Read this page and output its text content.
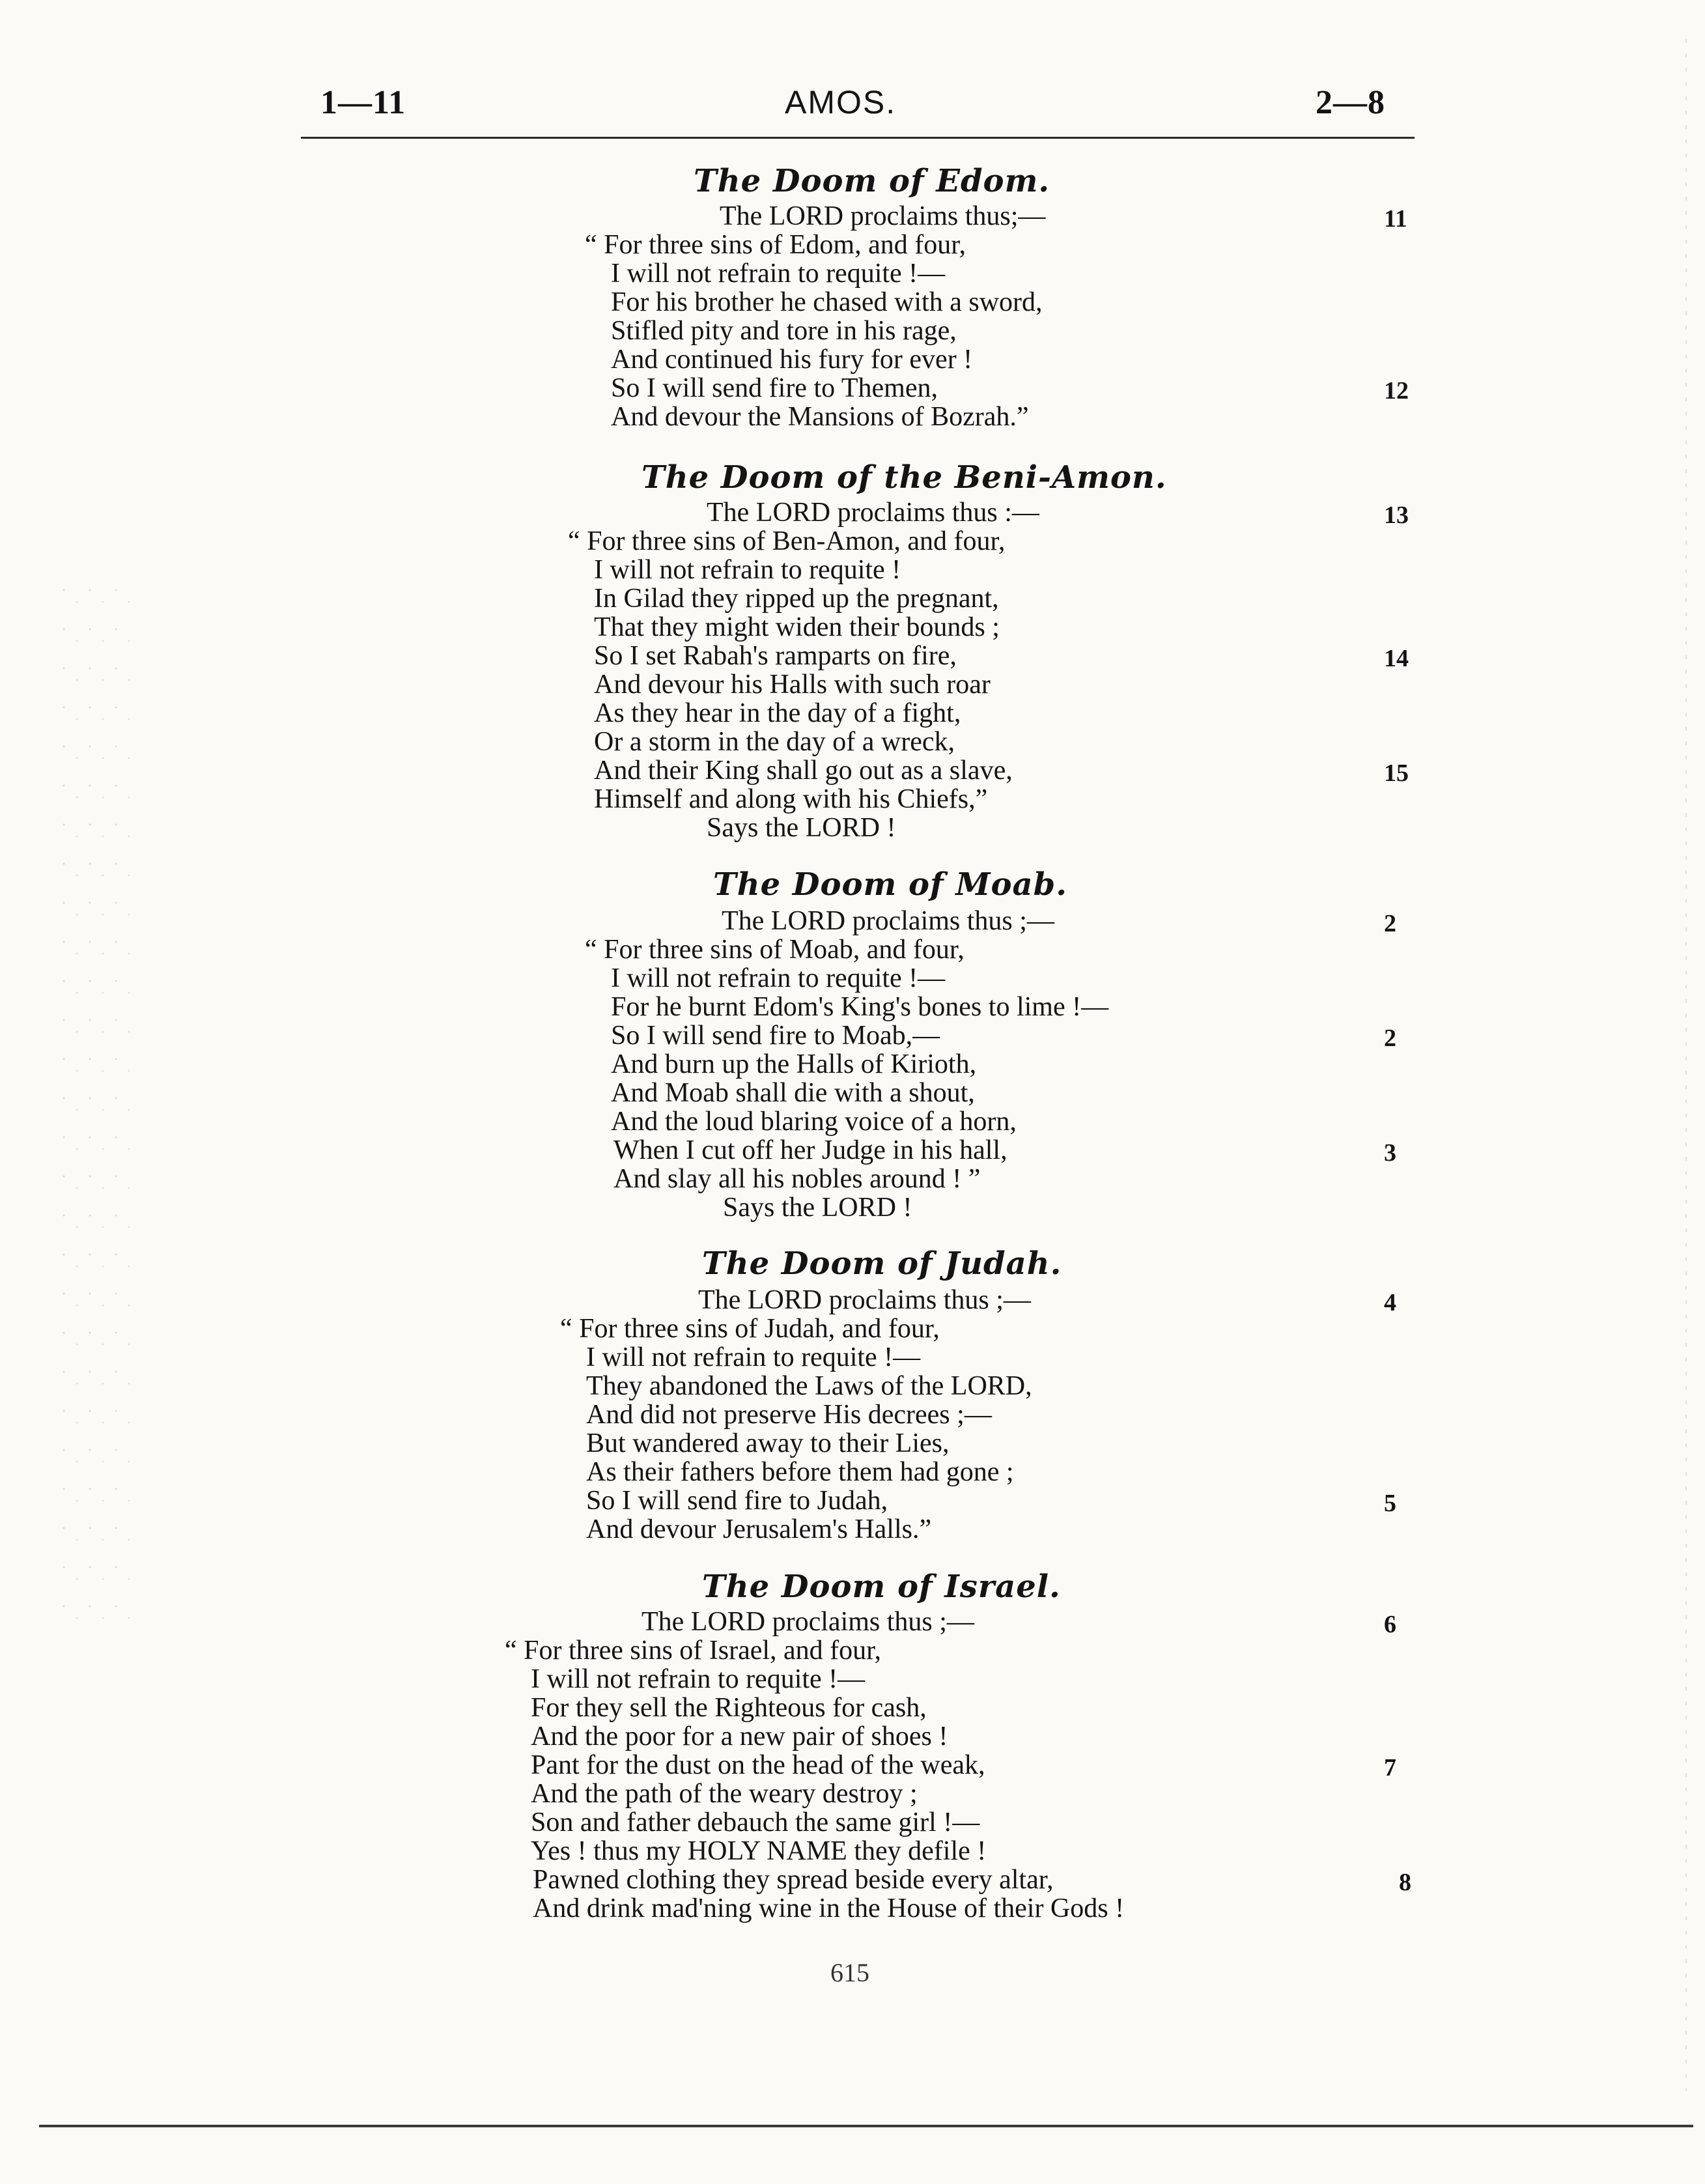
1—11	AMOS.	2—8
The Doom of Edom.
The LORD proclaims thus;—	11
“ For three sins of Edom, and four,
I will not refrain to requite !—
For his brother he chased with a sword,
Stifled pity and tore in his rage,
And continued his fury for ever !
So I will send fire to Themen,	12
And devour the Mansions of Bozrah.”
The Doom of the Beni-Amon.
The LORD proclaims thus :—	13
“ For three sins of Ben-Amon, and four,
I will not refrain to requite !
In Gilad they ripped up the pregnant,
That they might widen their bounds ;
So I set Rabah's ramparts on fire,	14
And devour his Halls with such roar
As they hear in the day of a fight,
Or a storm in the day of a wreck,
And their King shall go out as a slave,	15
Himself and along with his Chiefs,”
Says the LORD !
The Doom of Moab.
The LORD proclaims thus ;—	2
“ For three sins of Moab, and four,
I will not refrain to requite !—
For he burnt Edom's King's bones to lime !—
So I will send fire to Moab,—	2
And burn up the Halls of Kirioth,
And Moab shall die with a shout,
And the loud blaring voice of a horn,
When I cut off her Judge in his hall,	3
And slay all his nobles around ! ”
Says the LORD !
The Doom of Judah.
The LORD proclaims thus ;—	4
“ For three sins of Judah, and four,
I will not refrain to requite !—
They abandoned the Laws of the LORD,
And did not preserve His decrees ;—
But wandered away to their Lies,
As their fathers before them had gone ;
So I will send fire to Judah,	5
And devour Jerusalem's Halls.”
The Doom of Israel.
The LORD proclaims thus ;—	6
“ For three sins of Israel, and four,
I will not refrain to requite !—
For they sell the Righteous for cash,
And the poor for a new pair of shoes !
Pant for the dust on the head of the weak,	7
And the path of the weary destroy ;
Son and father debauch the same girl !—
Yes ! thus my HOLY NAME they defile !
Pawned clothing they spread beside every altar,	8
And drink mad'ning wine in the House of their Gods !
615
